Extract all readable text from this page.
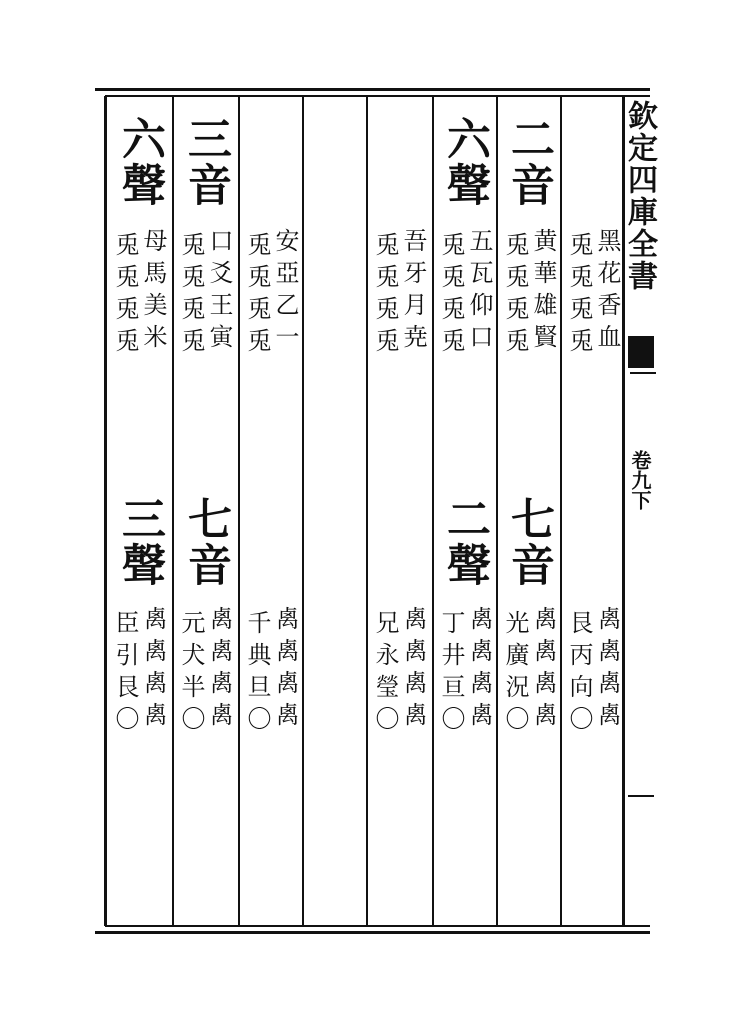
欽定四庫全書
卷九下
黑花香血
兎兎兎兎
禼禼禼禼
艮丙向〇
二音
黄華雄賢
兎兎兎兎
七音
禼禼禼禼
光廣況〇
六聲
五瓦仰口
兎兎兎兎
二聲
禼禼禼禼
丁井亘〇
吾牙月尭
兎兎兎兎
禼禼禼禼
兄永瑩〇
安亞乙一
兎兎兎兎
禼禼禼禼
千典旦〇
三音
口爻王寅
兎兎兎兎
七音
禼禼禼禼
元犬半〇
六聲
母馬美米
兎兎兎兎
三聲
禼禼禼禼
臣引艮〇
